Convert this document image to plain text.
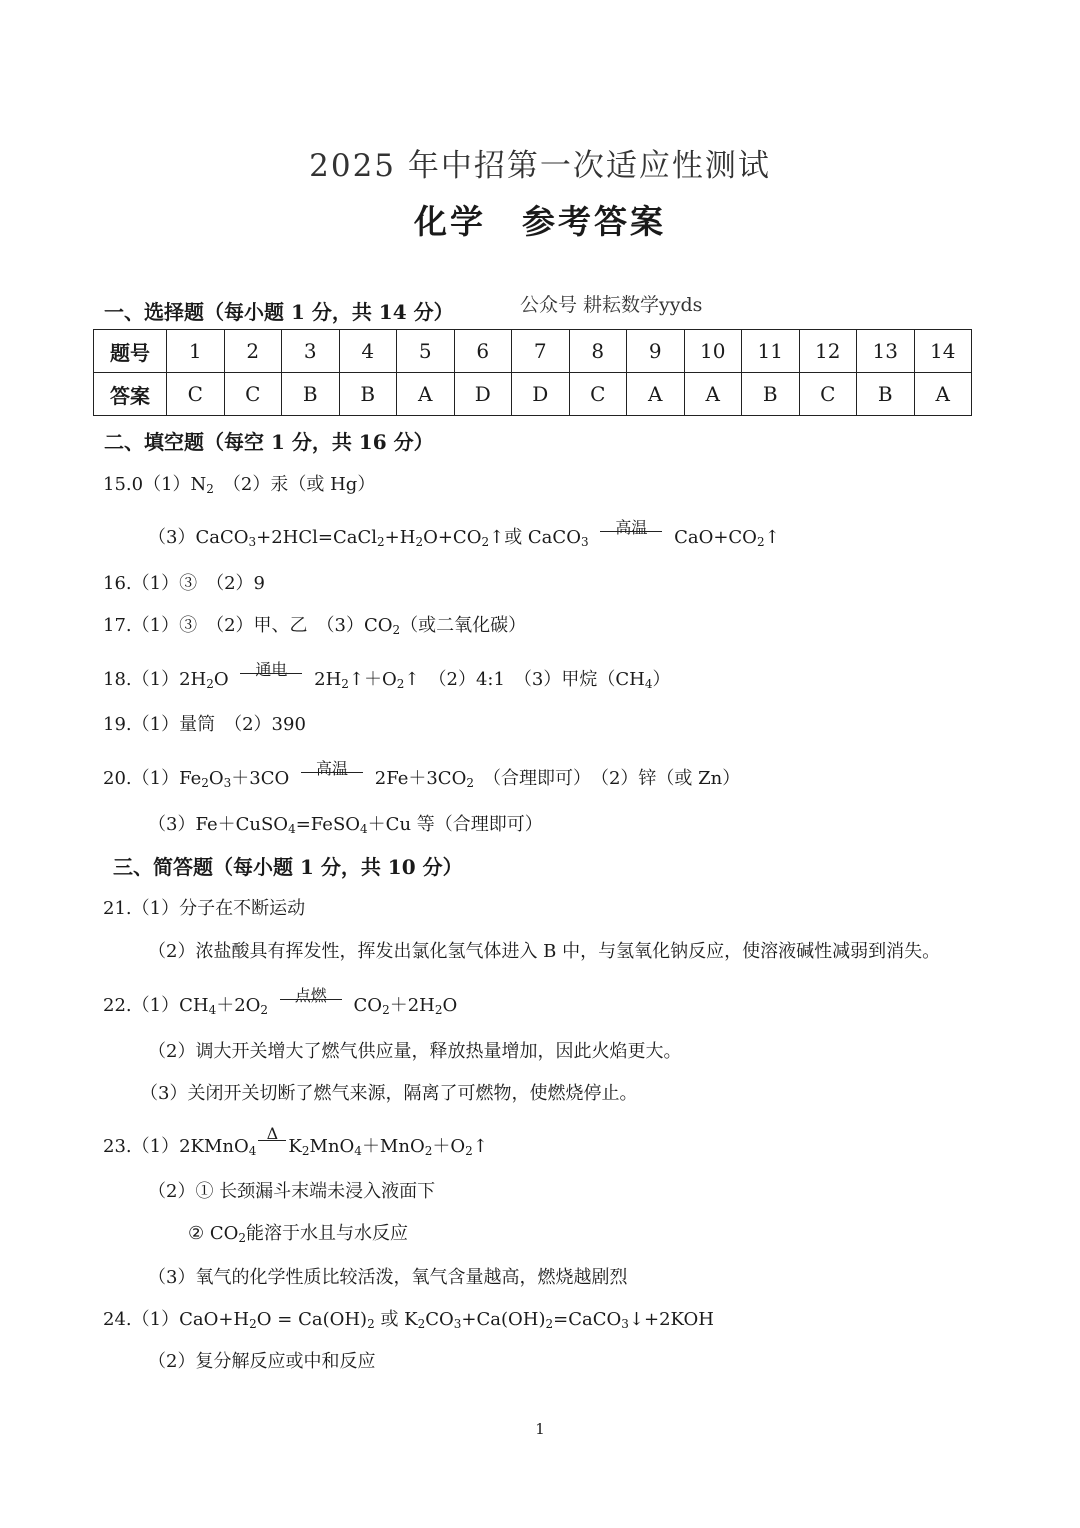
2025 年中招第一次适应性测试
化学　参考答案
一、选择题（每小题 1 分，共 14 分）	公众号 耕耘数学yyds
题号	1	2	3	4	5	6	7	8	9	10	11	12	13	14
答案	C	C	B	B	A	D	D	C	A	A	B	C	B	A
二、填空题（每空 1 分，共 16 分）
15.0（1）N2　 （2）汞（或 Hg）
（3）CaCO3+2HCl=CaCl2+H2O+CO2↑或 CaCO3
高温	CaO+CO2↑
16.（1）③　（2）9
17.（1）③　（2）甲、乙　（3）CO2（或二氧化碳）
18.（1）2H2O	通电	2H2↑＋O2↑　（2）4:1　（3）甲烷（CH4）
19.（1）量筒　（2）390
20.（1）Fe2O3＋3CO	高温	2Fe＋3CO2　 （合理即可）　（2）锌（或 Zn）
（3）Fe＋CuSO4=FeSO4＋Cu 等（合理即可）
三、简答题（每小题 1 分，共 10 分）
21.（1）分子在不断运动
（2）浓盐酸具有挥发性，挥发出氯化氢气体进入 B 中，与氢氧化钠反应，使溶液碱性减弱到消失。
22.（1）CH4＋2O2
点燃	CO2＋2H2O
（2）调大开关增大了燃气供应量，释放热量增加，因此火焰更大。
（3）关闭开关切断了燃气来源，隔离了可燃物，使燃烧停止。
23.（1）2KMnO4
Δ
K2MnO4＋MnO2＋O2↑
（2）① 长颈漏斗末端未浸入液面下
② CO2能溶于水且与水反应
（3）氧气的化学性质比较活泼，氧气含量越高，燃烧越剧烈
24.（1）CaO+H2O = Ca(OH)2 或 K2CO3+Ca(OH)2=CaCO3↓+2KOH
（2）复分解反应或中和反应
1
